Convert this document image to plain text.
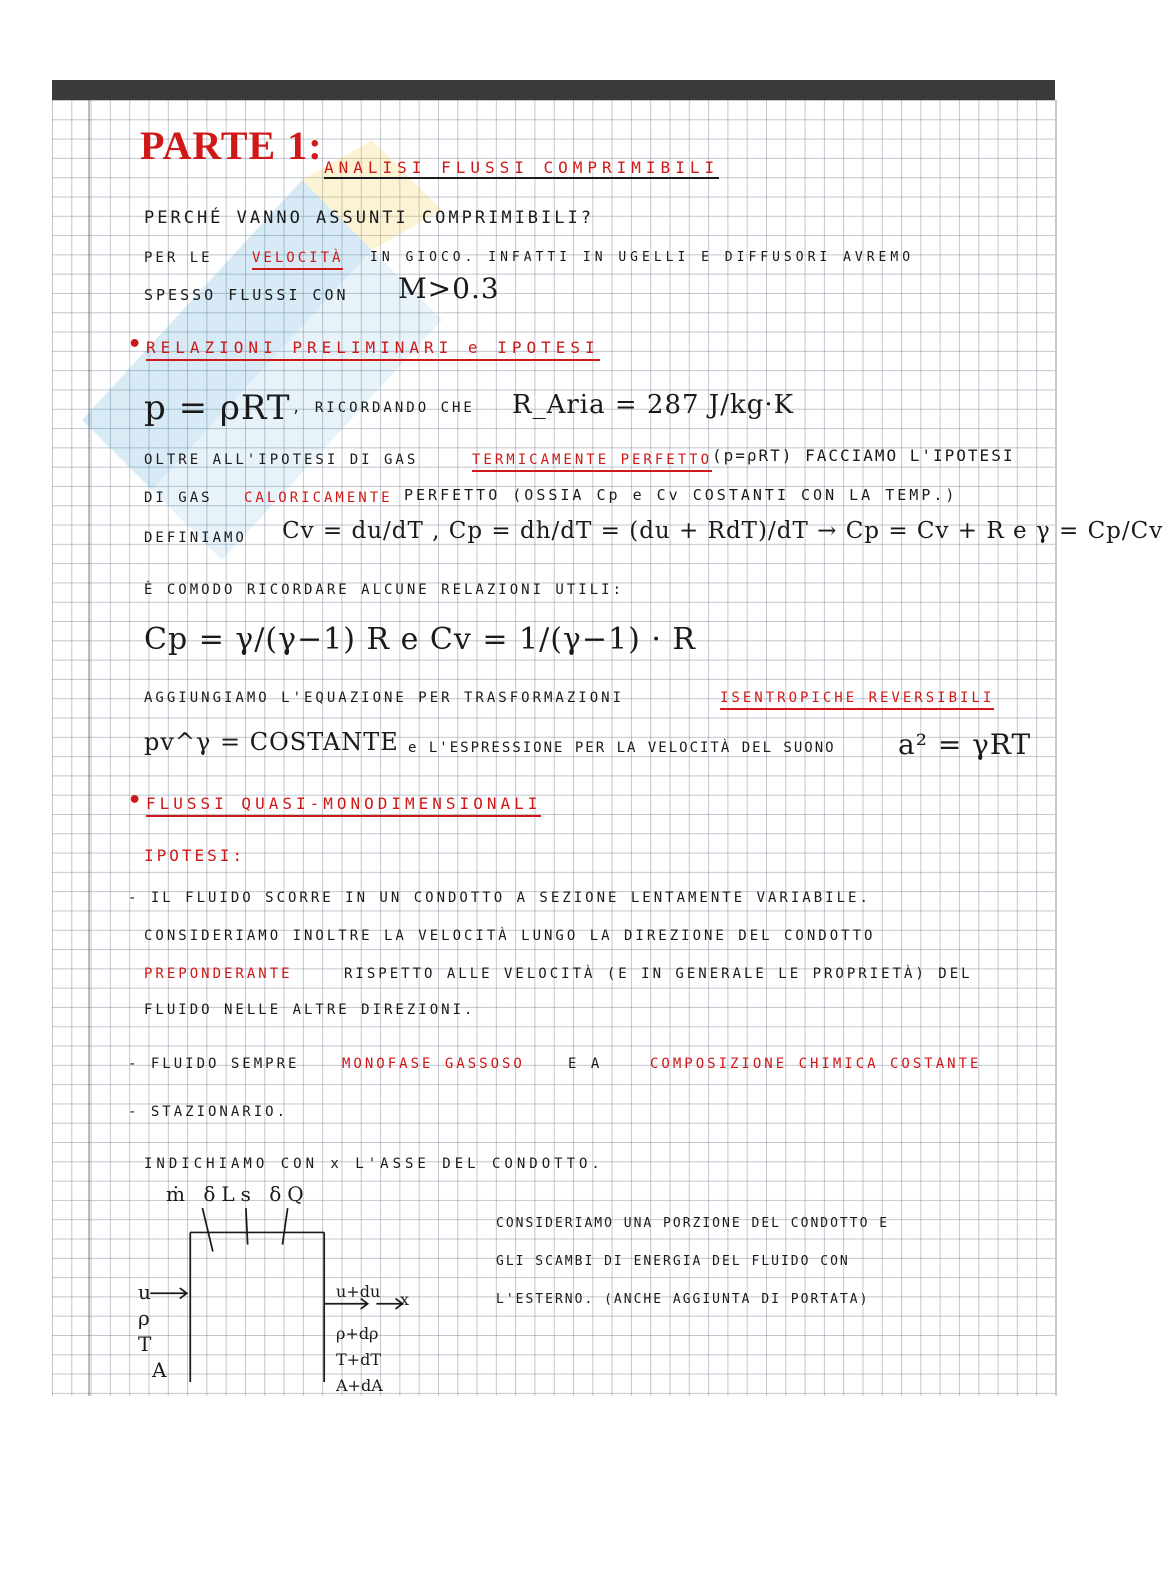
PARTE 1: ANALISI FLUSSI COMPRIMIBILI
PERCHÉ VANNO ASSUNTI COMPRIMIBILI?
PER LE	VELOCITÀ IN GIOCO. INFATTI IN UGELLI E DIFFUSORI AVREMO
SPESSO FLUSSI CON M>0.3
• RELAZIONI PRELIMINARI e IPOTESI
p = ρRT , RICORDANDO CHE R_Aria = 287 J/kg·K
OLTRE ALL'IPOTESI DI GAS	TERMICAMENTE PERFETTO (p=ρRT) FACCIAMO L'IPOTESI
DI GAS CALORICAMENTE PERFETTO (OSSIA Cp e Cv COSTANTI CON LA TEMP.)
DEFINIAMO Cv = du/dT , Cp = dh/dT = (du + RdT)/dT → Cp = Cv + R e γ = Cp/Cv
È COMODO RICORDARE ALCUNE RELAZIONI UTILI:
Cp = γ/(γ−1) R e Cv = 1/(γ−1) · R
AGGIUNGIAMO L'EQUAZIONE PER TRASFORMAZIONI	ISENTROPICHE REVERSIBILI
pv^γ = COSTANTE e L'ESPRESSIONE PER LA VELOCITÀ DEL SUONO a² = γRT
• FLUSSI QUASI-MONODIMENSIONALI
IPOTESI:
- IL FLUIDO SCORRE IN UN CONDOTTO A SEZIONE LENTAMENTE VARIABILE.
CONSIDERIAMO INOLTRE LA VELOCITÀ LUNGO LA DIREZIONE DEL CONDOTTO
PREPONDERANTE	RISPETTO ALLE VELOCITÀ (E IN GENERALE LE PROPRIETÀ) DEL
FLUIDO NELLE ALTRE DIREZIONI.
- FLUIDO SEMPRE	MONOFASE GASSOSO	E A	COMPOSIZIONE CHIMICA COSTANTE
- STAZIONARIO.
INDICHIAMO CON x L'ASSE DEL CONDOTTO.
CONSIDERIAMO UNA PORZIONE DEL CONDOTTO E
GLI SCAMBI DI ENERGIA DEL FLUIDO CON
L'ESTERNO. (ANCHE AGGIUNTA DI PORTATA)
ṁ δLs δQ
u
ρ
T
A
u+du
ρ+dρ
T+dT
A+dA
x
